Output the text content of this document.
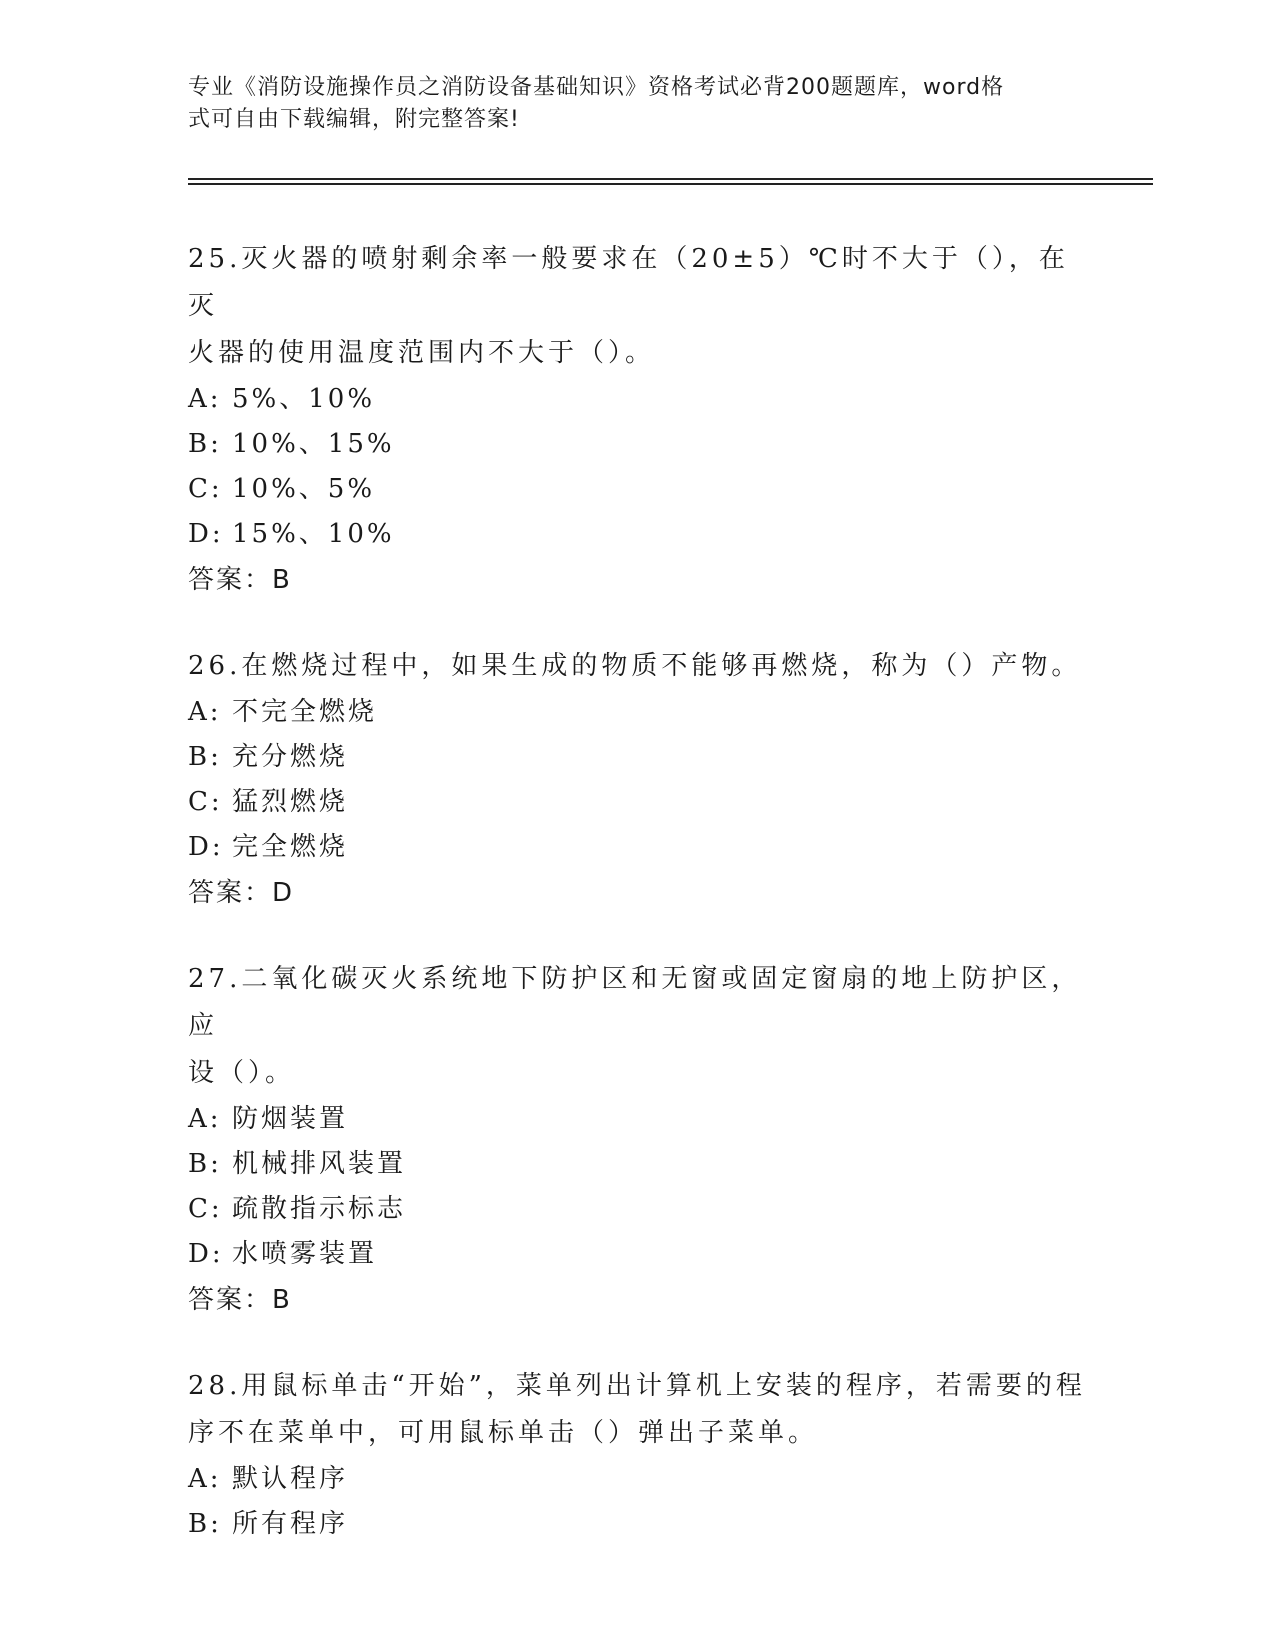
专业《消防设施操作员之消防设备基础知识》资格考试必背200题题库，word格
式可自由下载编辑，附完整答案!

25.灭火器的喷射剩余率一般要求在（20±5）℃时不大于（），在灭

火器的使用温度范围内不大于（）。

A: 5%、10%

B: 10%、15%

C: 10%、5%

D: 15%、10%

答案：B

26.在燃烧过程中，如果生成的物质不能够再燃烧，称为（）产物。

A: 不完全燃烧

B: 充分燃烧

C: 猛烈燃烧

D: 完全燃烧

答案：D

27.二氧化碳灭火系统地下防护区和无窗或固定窗扇的地上防护区，应

设（）。

A: 防烟装置

B: 机械排风装置

C: 疏散指示标志

D: 水喷雾装置

答案：B

28.用鼠标单击“开始”，菜单列出计算机上安装的程序，若需要的程

序不在菜单中，可用鼠标单击（）弹出子菜单。

A: 默认程序

B: 所有程序
